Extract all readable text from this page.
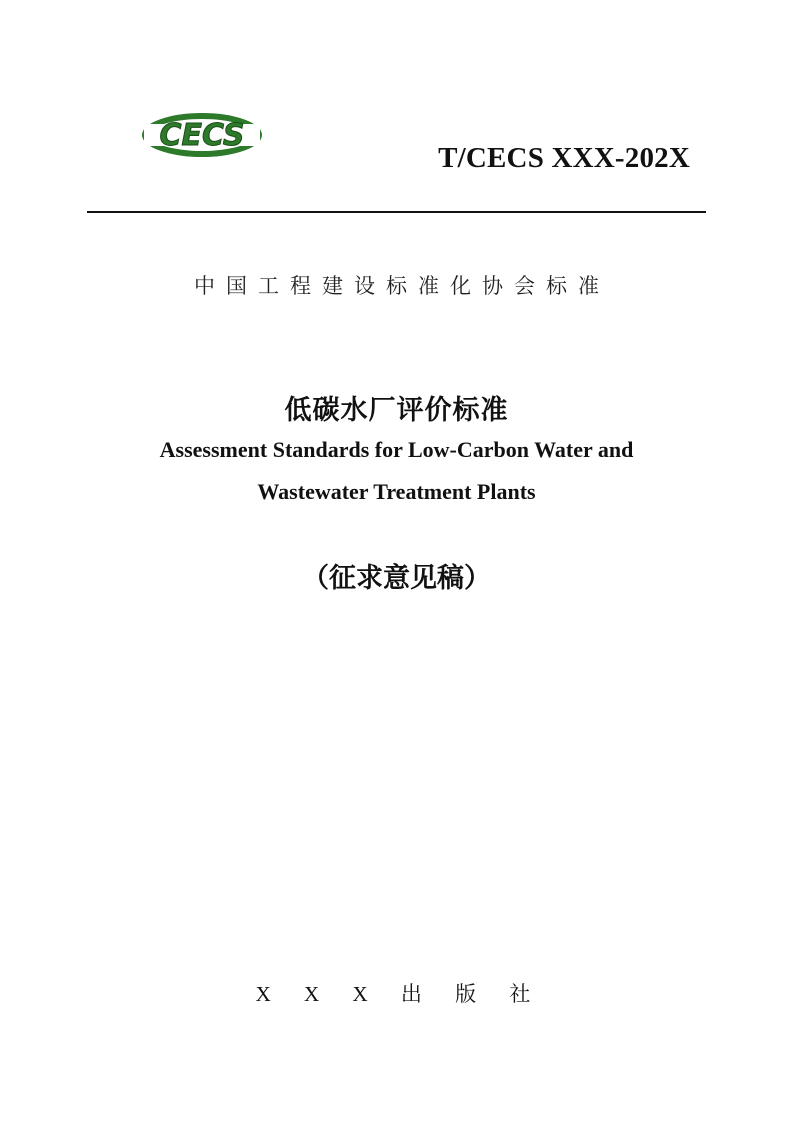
CECS
T/CECS XXX-202X
中国工程建设标准化协会标准
低碳水厂评价标准
Assessment Standards for Low-Carbon Water and
Wastewater Treatment Plants
（征求意见稿）
X X X 出 版 社
